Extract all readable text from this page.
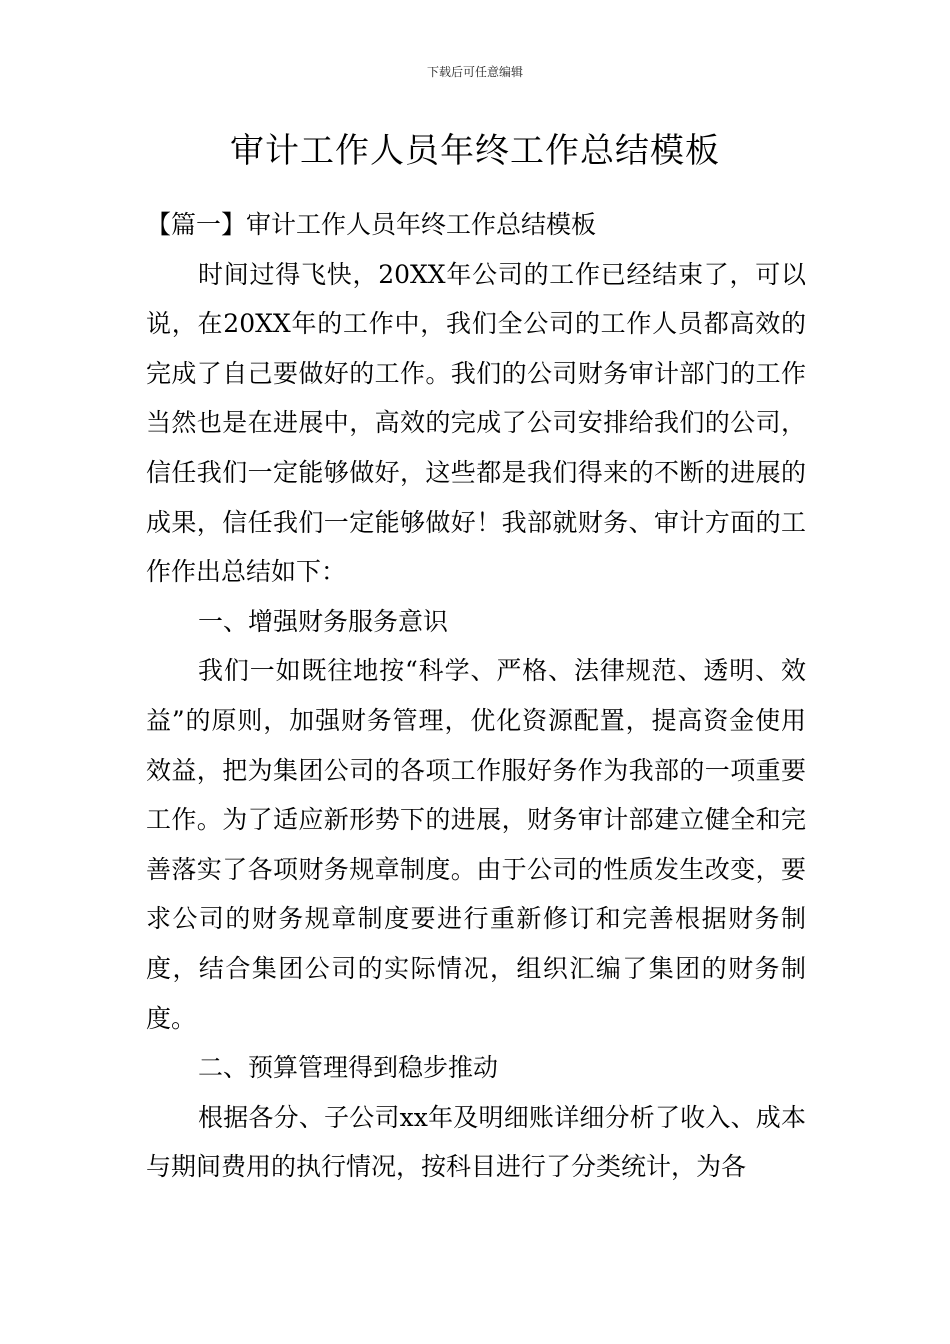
下载后可任意编辑
审计工作人员年终工作总结模板

【篇一】审计工作人员年终工作总结模板

时间过得飞快，20XX年公司的工作已经结束了，可以说，在20XX年的工作中，我们全公司的工作人员都高效的完成了自己要做好的工作。我们的公司财务审计部门的工作当然也是在进展中，高效的完成了公司安排给我们的公司，信任我们一定能够做好，这些都是我们得来的不断的进展的成果，信任我们一定能够做好！我部就财务、审计方面的工作作出总结如下：

一、增强财务服务意识

我们一如既往地按“科学、严格、法律规范、透明、效益”的原则，加强财务管理，优化资源配置，提高资金使用效益，把为集团公司的各项工作服好务作为我部的一项重要工作。为了适应新形势下的进展，财务审计部建立健全和完善落实了各项财务规章制度。由于公司的性质发生改变，要求公司的财务规章制度要进行重新修订和完善根据财务制度，结合集团公司的实际情况，组织汇编了集团的财务制度。

二、预算管理得到稳步推动

根据各分、子公司xx年及明细账详细分析了收入、成本与期间费用的执行情况，按科目进行了分类统计，为各
